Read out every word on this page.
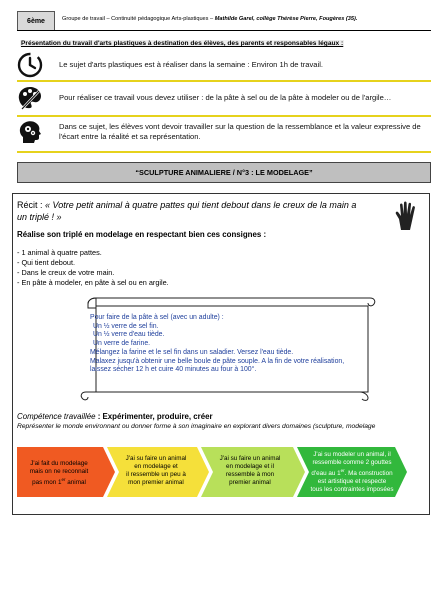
6ème	Groupe de travail – Continuité pédagogique Arts-plastiques – Mathilde Garel, collège Thérèse Pierre, Fougères (35).
Présentation du travail d'arts plastiques à destination des élèves, des parents et responsables légaux :
Le sujet d'arts plastiques est à réaliser dans la semaine : Environ 1h de travail.
Pour réaliser ce travail vous devez utiliser : de la pâte à sel ou de la pâte à modeler ou de l'argile…
Dans ce sujet, les élèves vont devoir travailler sur la question de la ressemblance et la valeur expressive de l'écart entre la réalité et sa représentation.
“SCULPTURE ANIMALIERE / N°3 : LE MODELAGE”
Récit : « Votre petit animal à quatre pattes qui tient debout dans le creux de la main a un triplé ! »
Réalise son triplé en modelage en respectant bien ces consignes :
- 1 animal à quatre pattes.
- Qui tient debout.
- Dans le creux de votre main.
- En pâte à modeler, en pâte à sel ou en argile.
Pour faire de la pâte à sel (avec un adulte) :
Un ½ verre de sel fin.
Un ½ verre d'eau tiède.
Un verre de farine.
Mélangez la farine et le sel fin dans un saladier. Versez l'eau tiède.
Malaxez jusqu'à obtenir une belle boule de pâte souple. A la fin de votre réalisation, laissez sécher 12 h et cuire 40 minutes au four à 100°.
Compétence travaillée : Expérimenter, produire, créer
Représenter le monde environnant ou donner forme à son imaginaire en explorant divers domaines (sculpture, modelage
J'ai fait du modelage
mais on ne reconnait
pas mon 1er animal
J'ai su faire un animal
en modelage et
il ressemble un peu à
mon premier animal
J'ai su faire un animal
en modelage et il
ressemble à mon
premier animal
J'ai su modeler un animal, il
ressemble comme 2 gouttes
d'eau au 1er. Ma construction
est artistique et respecte
tous les contraintes imposées
